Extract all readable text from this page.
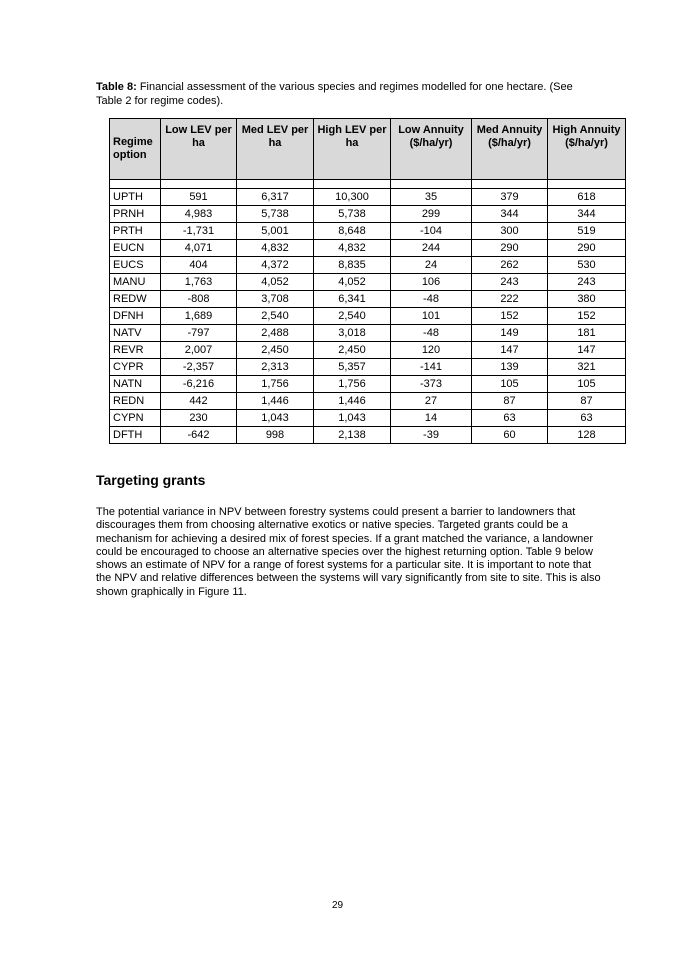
Table 8: Financial assessment of the various species and regimes modelled for one hectare. (See Table 2 for regime codes).
Regime option	Low LEV per ha	Med LEV per ha	High LEV per ha	Low Annuity ($/ha/yr)	Med Annuity ($/ha/yr)	High Annuity ($/ha/yr)

UPTH	591	6,317	10,300	35	379	618
PRNH	4,983	5,738	5,738	299	344	344
PRTH	-1,731	5,001	8,648	-104	300	519
EUCN	4,071	4,832	4,832	244	290	290
EUCS	404	4,372	8,835	24	262	530
MANU	1,763	4,052	4,052	106	243	243
REDW	-808	3,708	6,341	-48	222	380
DFNH	1,689	2,540	2,540	101	152	152
NATV	-797	2,488	3,018	-48	149	181
REVR	2,007	2,450	2,450	120	147	147
CYPR	-2,357	2,313	5,357	-141	139	321
NATN	-6,216	1,756	1,756	-373	105	105
REDN	442	1,446	1,446	27	87	87
CYPN	230	1,043	1,043	14	63	63
DFTH	-642	998	2,138	-39	60	128
Targeting grants

The potential variance in NPV between forestry systems could present a barrier to landowners that discourages them from choosing alternative exotics or native species. Targeted grants could be a mechanism for achieving a desired mix of forest species. If a grant matched the variance, a landowner could be encouraged to choose an alternative species over the highest returning option. Table 9 below shows an estimate of NPV for a range of forest systems for a particular site. It is important to note that the NPV and relative differences between the systems will vary significantly from site to site. This is also shown graphically in Figure 11.

29
